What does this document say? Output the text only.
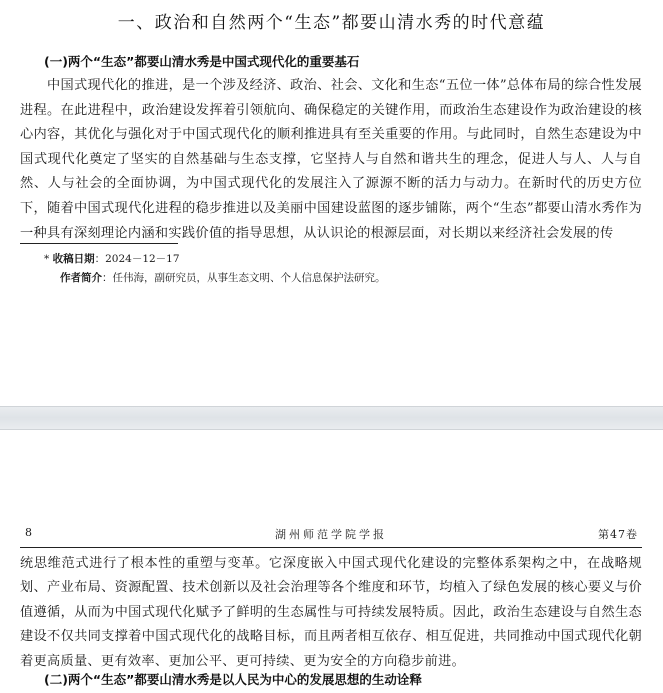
一、政治和自然两个“生态”都要山清水秀的时代意蕴
(一)两个“生态”都要山清水秀是中国式现代化的重要基石

中国式现代化的推进，是一个涉及经济、政治、社会、文化和生态“五位一体”总体布局的综合性发展进程。在此进程中，政治建设发挥着引领航向、确保稳定的关键作用，而政治生态建设作为政治建设的核心内容，其优化与强化对于中国式现代化的顺利推进具有至关重要的作用。与此同时，自然生态建设为中国式现代化奠定了坚实的自然基础与生态支撑，它坚持人与自然和谐共生的理念，促进人与人、人与自然、人与社会的全面协调，为中国式现代化的发展注入了源源不断的活力与动力。在新时代的历史方位下，随着中国式现代化进程的稳步推进以及美丽中国建设蓝图的逐步铺陈，两个“生态”都要山清水秀作为一种具有深刻理论内涵和实践价值的指导思想，从认识论的根源层面，对长期以来经济社会发展的传

* 收稿日期：2024－12－17
作者简介：任伟海，副研究员，从事生态文明、个人信息保护法研究。
8	湖州师范学院学报	第47卷

统思维范式进行了根本性的重塑与变革。它深度嵌入中国式现代化建设的完整体系架构之中，在战略规划、产业布局、资源配置、技术创新以及社会治理等各个维度和环节，均植入了绿色发展的核心要义与价值遵循，从而为中国式现代化赋予了鲜明的生态属性与可持续发展特质。因此，政治生态建设与自然生态建设不仅共同支撑着中国式现代化的战略目标，而且两者相互依存、相互促进，共同推动中国式现代化朝着更高质量、更有效率、更加公平、更可持续、更为安全的方向稳步前进。

(二)两个“生态”都要山清水秀是以人民为中心的发展思想的生动诠释
